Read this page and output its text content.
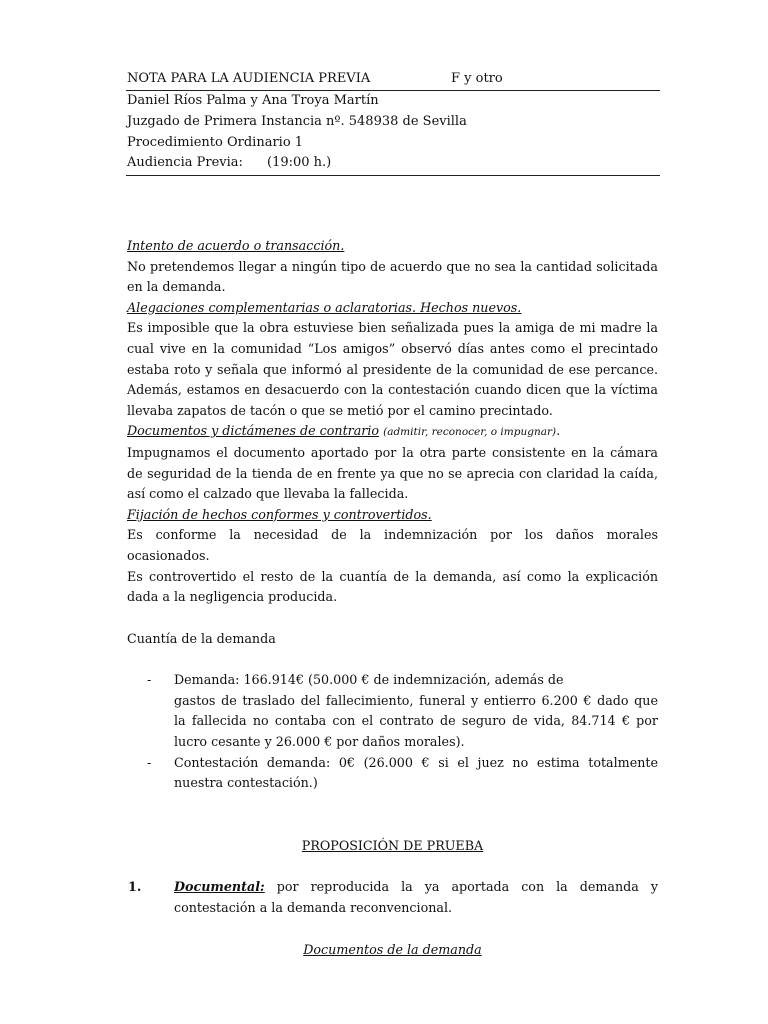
NOTA PARA LA AUDIENCIA PREVIA	F y otro
Daniel Ríos Palma y Ana Troya Martín
Juzgado de Primera Instancia nº. 548938 de Sevilla
Procedimiento Ordinario 1
Audiencia Previa: (19:00 h.)

Intento de acuerdo o transacción.

No pretendemos llegar a ningún tipo de acuerdo que no sea la cantidad solicitada

en la demanda.

Alegaciones complementarias o aclaratorias. Hechos nuevos.

Es imposible que la obra estuviese bien señalizada pues la amiga de mi madre la

cual vive en la comunidad “Los amigos” observó días antes como el precintado

estaba roto y señala que informó al presidente de la comunidad de ese percance.

Además, estamos en desacuerdo con la contestación cuando dicen que la víctima

llevaba zapatos de tacón o que se metió por el camino precintado.

Documentos y dictámenes de contrario (admitir, reconocer, o impugnar).

Impugnamos el documento aportado por la otra parte consistente en la cámara

de seguridad de la tienda de en frente ya que no se aprecia con claridad la caída,

así como el calzado que llevaba la fallecida.

Fijación de hechos conformes y controvertidos.

Es conforme la necesidad de la indemnización por los daños morales

ocasionados.

Es controvertido el resto de la cuantía de la demanda, así como la explicación

dada a la negligencia producida.

Cuantía de la demanda

- Demanda: 166.914€ (50.000 € de indemnización, además de

gastos de traslado del fallecimiento, funeral y entierro 6.200 € dado que

la fallecida no contaba con el contrato de seguro de vida, 84.714 € por

lucro cesante y 26.000 € por daños morales).

- Contestación demanda: 0€ (26.000 € si el juez no estima totalmente

nuestra contestación.)

PROPOSICIÓN DE PRUEBA

1.	Documental: por reproducida la ya aportada con la demanda y

contestación a la demanda reconvencional.

Documentos de la demanda
